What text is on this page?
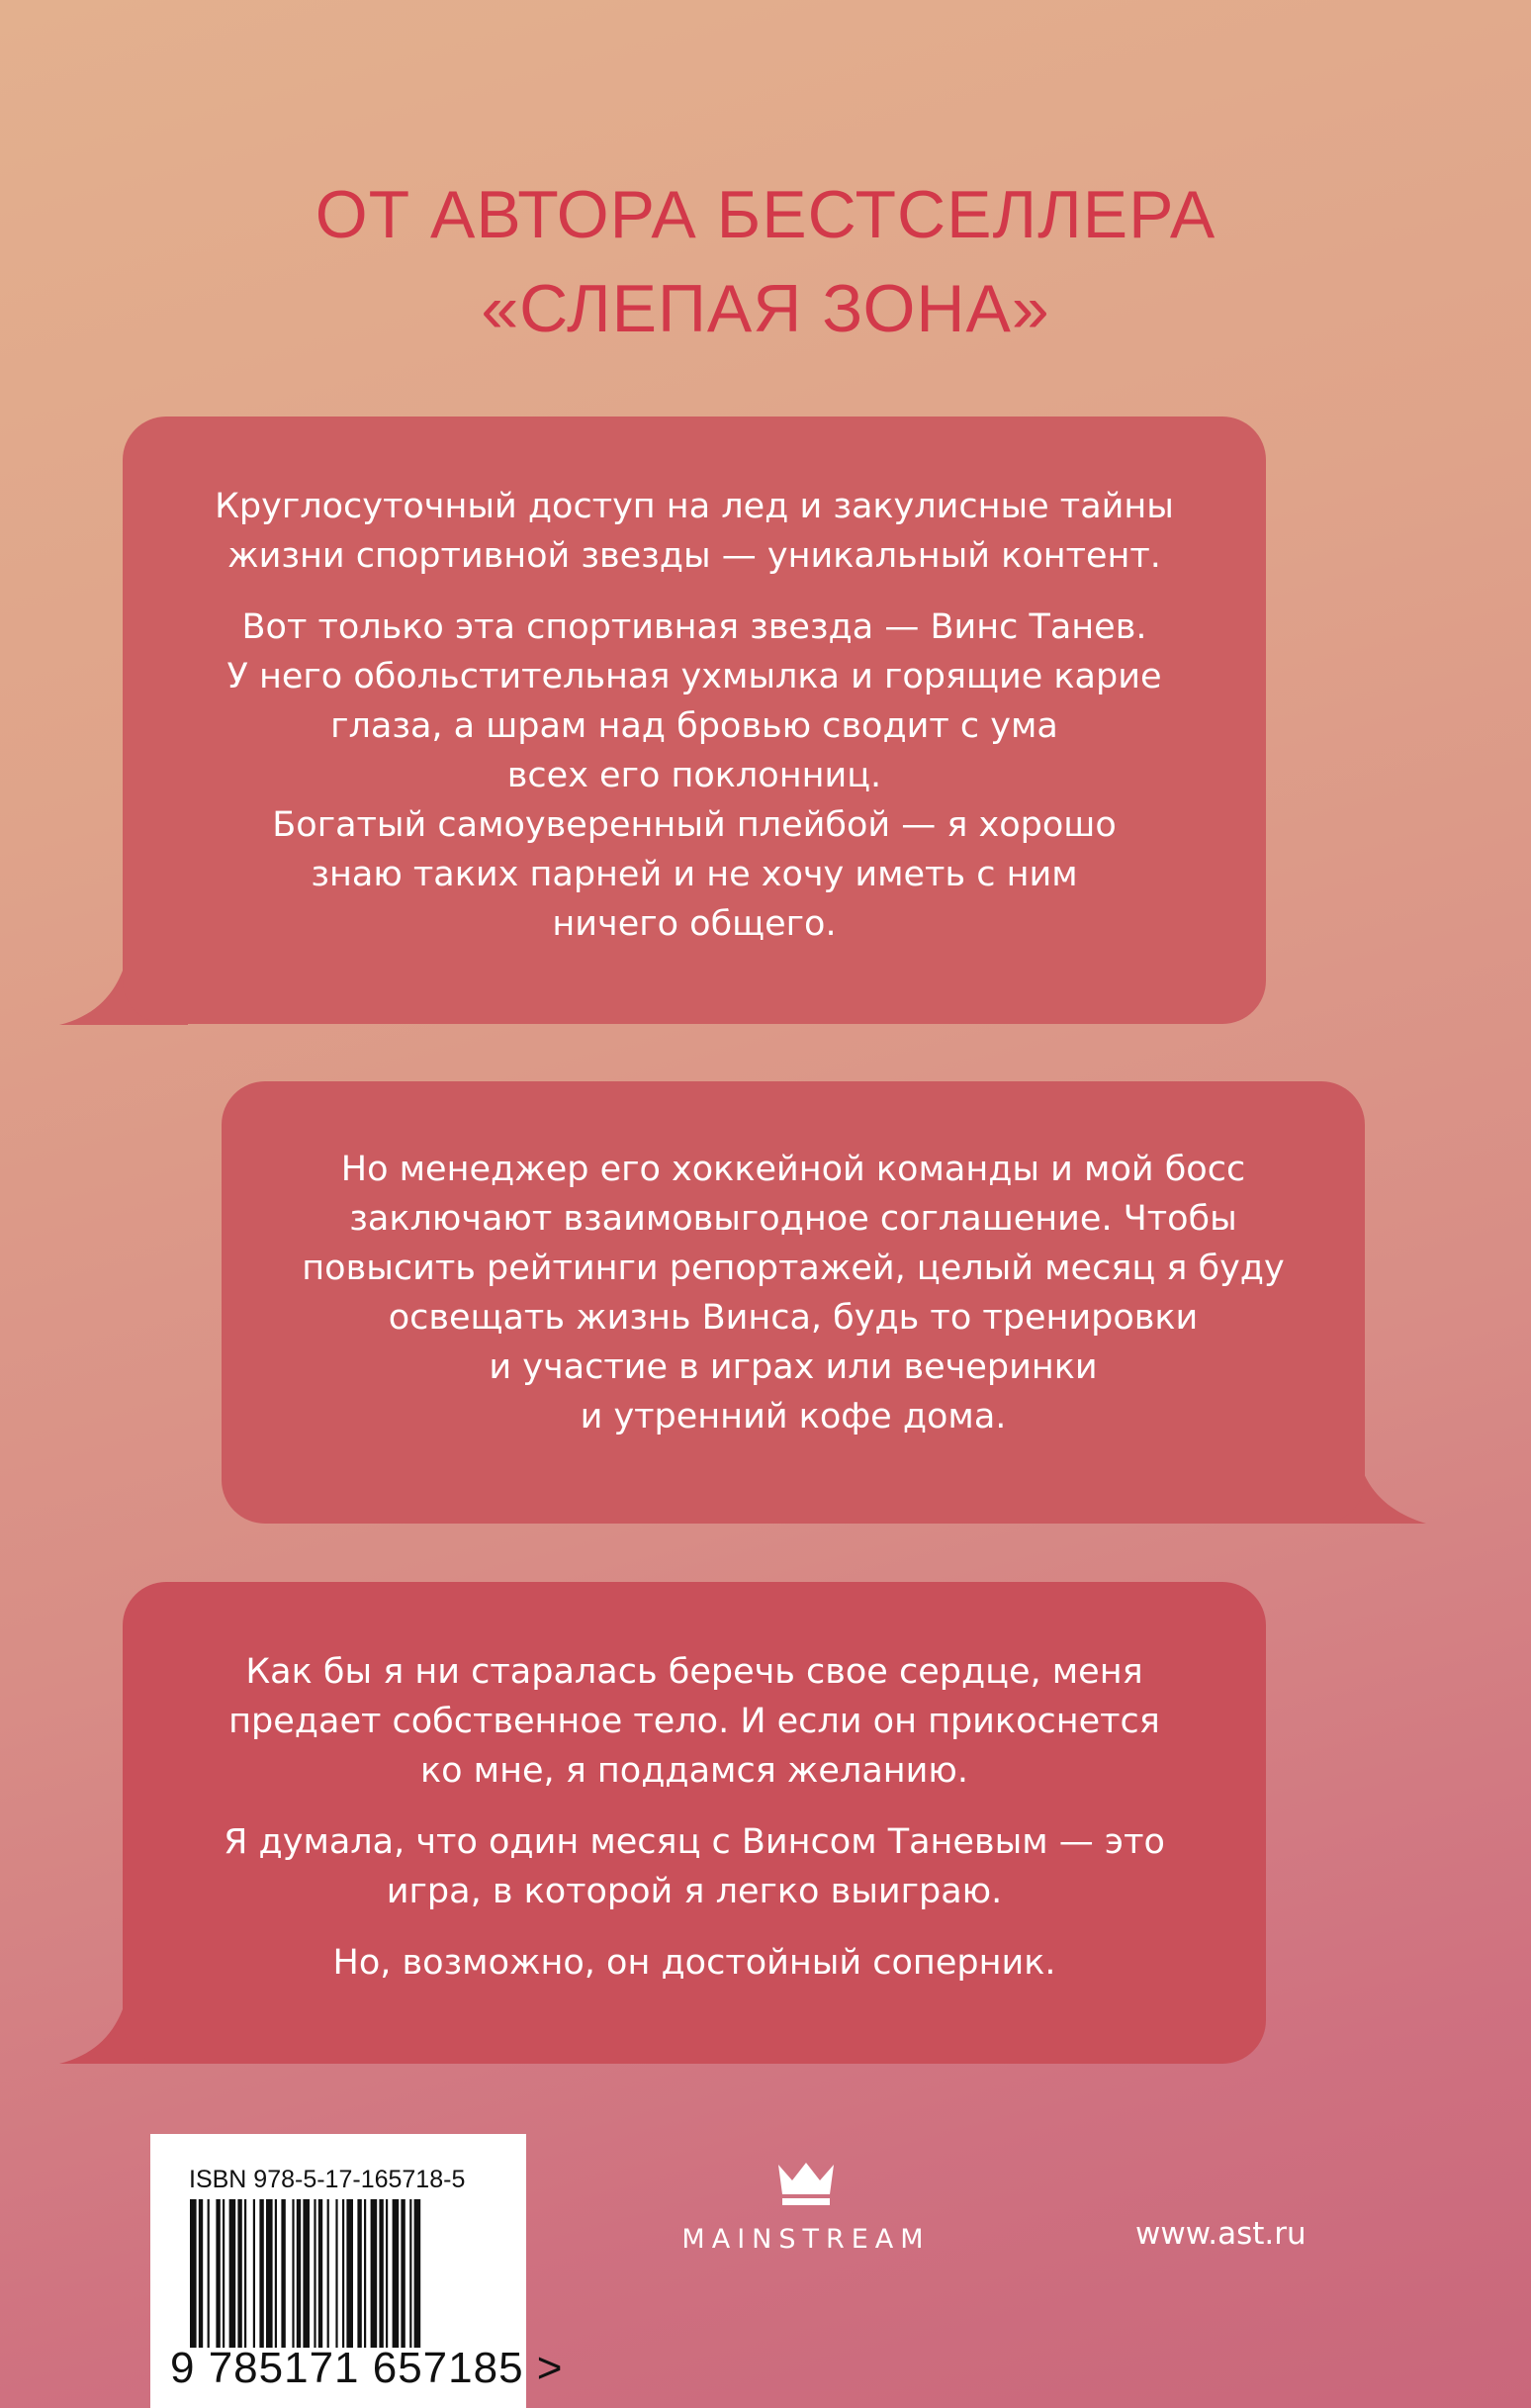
ОТ АВТОРА БЕСТСЕЛЛЕРА
«СЛЕПАЯ ЗОНА»

Круглосуточный доступ на лед и закулисные тайны

жизни спортивной звезды — уникальный контент.

Вот только эта спортивная звезда — Винс Танев.

У него обольстительная ухмылка и горящие карие

глаза, а шрам над бровью сводит с ума

всех его поклонниц.

Богатый самоуверенный плейбой — я хорошо

знаю таких парней и не хочу иметь с ним

ничего общего.

Но менеджер его хоккейной команды и мой босс

заключают взаимовыгодное соглашение. Чтобы

повысить рейтинги репортажей, целый месяц я буду

освещать жизнь Винса, будь то тренировки

и участие в играх или вечеринки

и утренний кофе дома.

Как бы я ни старалась беречь свое сердце, меня

предает собственное тело. И если он прикоснется

ко мне, я поддамся желанию.

Я думала, что один месяц с Винсом Таневым — это

игра, в которой я легко выиграю.

Но, возможно, он достойный соперник.

ISBN 978-5-17-165718-5
9 785171 657185 >
MAINSTREAM	www.ast.ru
